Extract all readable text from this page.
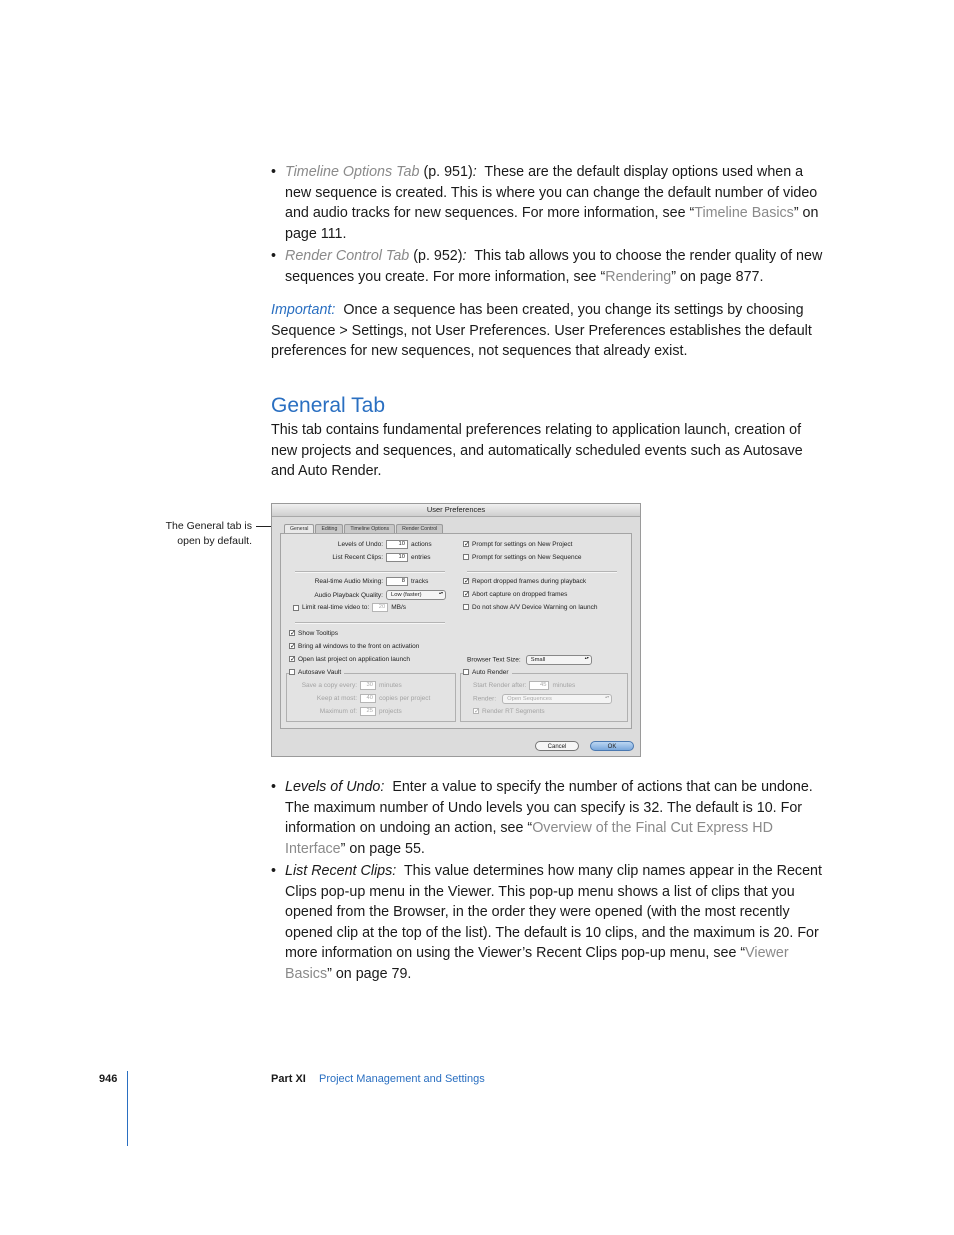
• Timeline Options Tab (p. 951): These are the default display options used when a new sequence is created. This is where you can change the default number of video and audio tracks for new sequences. For more information, see “Timeline Basics” on page 111.
• Render Control Tab (p. 952): This tab allows you to choose the render quality of new sequences you create. For more information, see “Rendering” on page 877.
Important: Once a sequence has been created, you change its settings by choosing Sequence > Settings, not User Preferences. User Preferences establishes the default preferences for new sequences, not sequences that already exist.
General Tab
This tab contains fundamental preferences relating to application launch, creation of new projects and sequences, and automatically scheduled events such as Autosave and Auto Render.
The General tab is open by default.
User Preferences
General	Editing	Timeline Options	Render Control
Levels of Undo:	10 actions
List Recent Clips:	10 entries
✓ Prompt for settings on New Project
Prompt for settings on New Sequence
Real-time Audio Mixing:	8 tracks
Audio Playback Quality: Low (faster) ▴▾
Limit real-time video to: 20 MB/s
✓ Report dropped frames during playback
✓ Abort capture on dropped frames
Do not show A/V Device Warning on launch
✓ Show Tooltips
✓ Bring all windows to the front on activation
✓ Open last project on application launch	Browser Text Size: Small ▴▾
Autosave Vault
Save a copy every: 30 minutes
Keep at most: 40 copies per project
Maximum of: 25 projects
Auto Render
Start Render after: 45 minutes
Render: Open Sequences ▴▾
✓ Render RT Segments
Cancel	OK
• Levels of Undo: Enter a value to specify the number of actions that can be undone. The maximum number of Undo levels you can specify is 32. The default is 10. For information on undoing an action, see “Overview of the Final Cut Express HD Interface” on page 55.
• List Recent Clips: This value determines how many clip names appear in the Recent Clips pop-up menu in the Viewer. This pop-up menu shows a list of clips that you opened from the Browser, in the order they were opened (with the most recently opened clip at the top of the list). The default is 10 clips, and the maximum is 20. For more information on using the Viewer’s Recent Clips pop-up menu, see “Viewer Basics” on page 79.
946	Part XI Project Management and Settings
